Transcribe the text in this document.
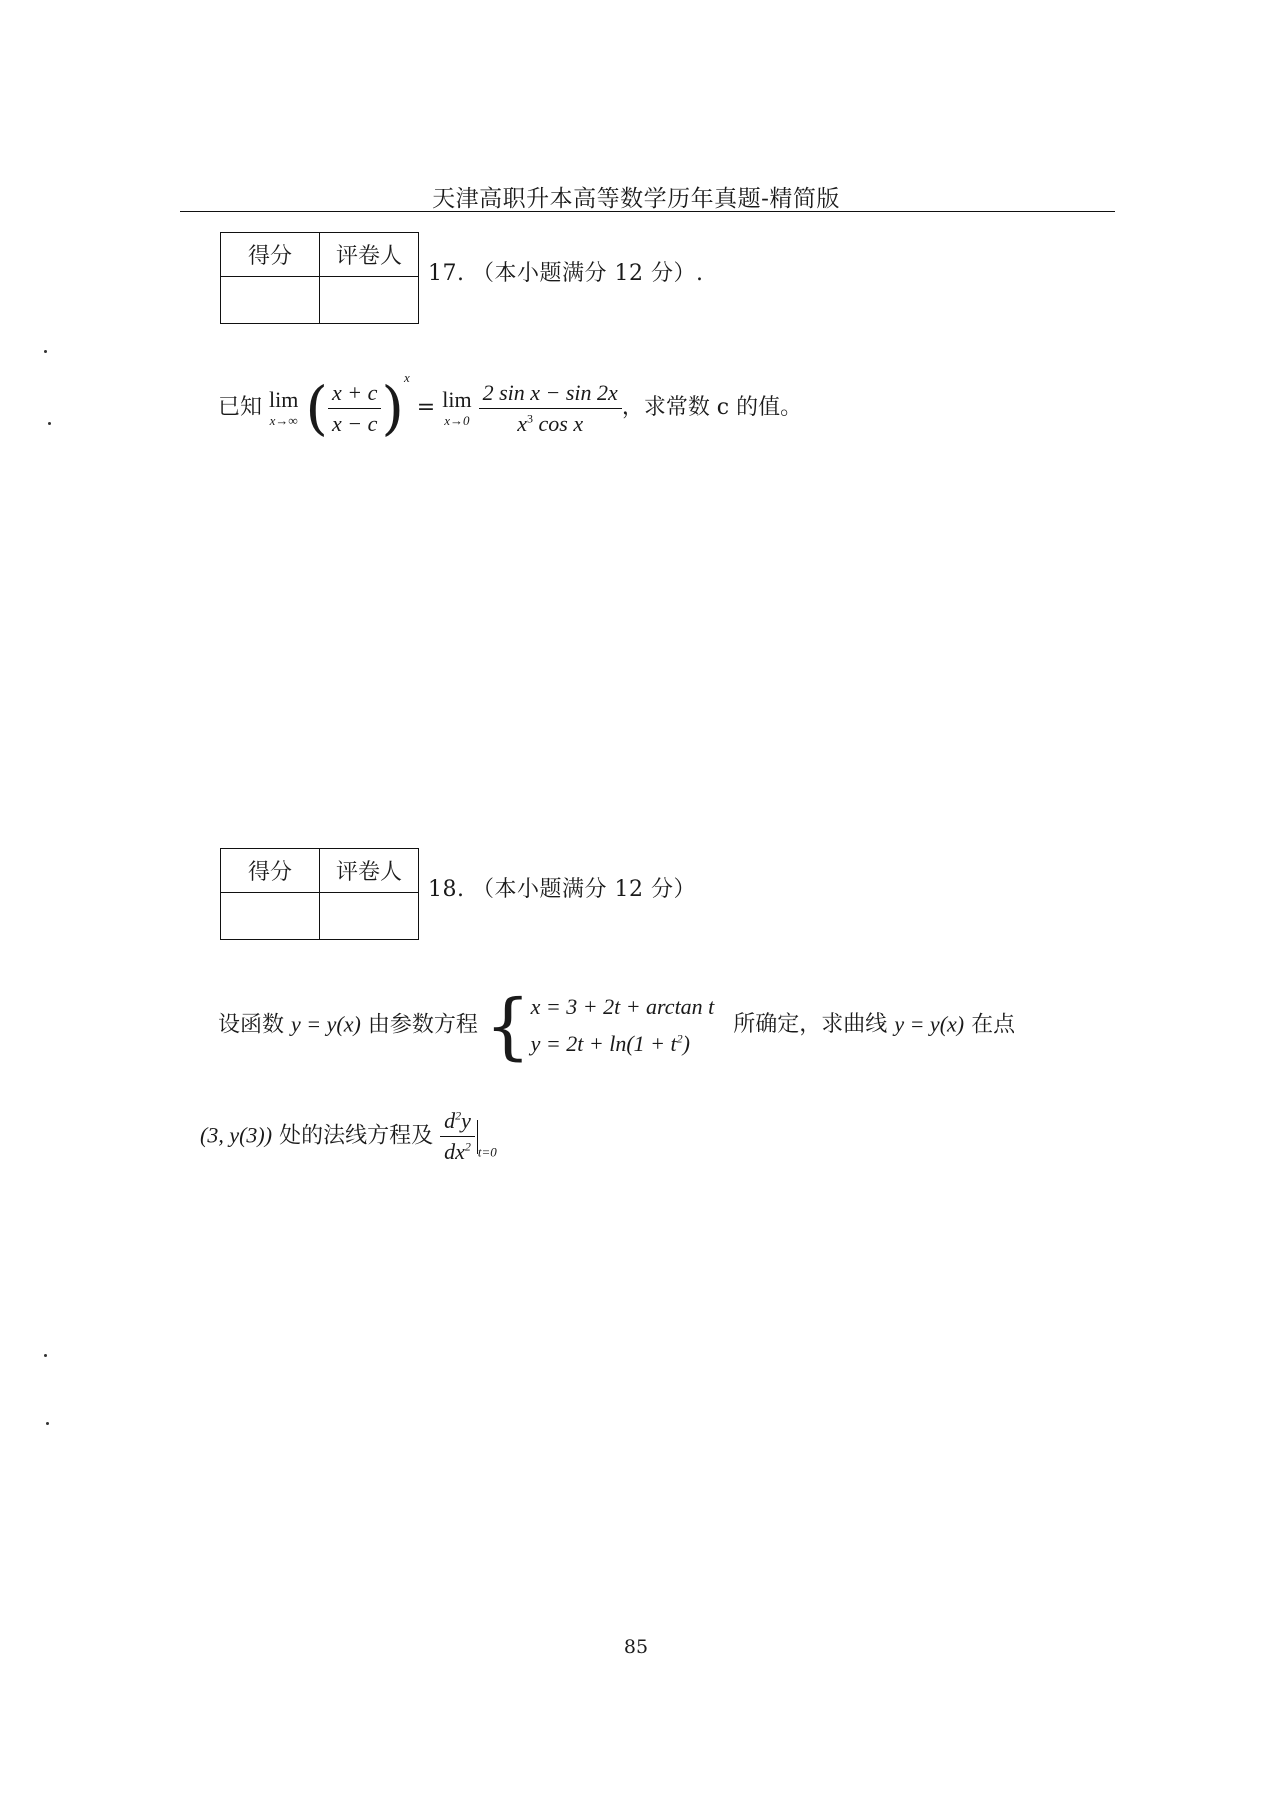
天津高职升本高等数学历年真题-精简版
得分	评卷人

17. （本小题满分 12 分）.
已知 lim
x→∞ ( $\frac{x + c}{x - c} )^x = \lim$
x→0
$\frac{\text{2 sin x − sin 2x}}{x^3 \cos x}$ ，求常数 c 的值。
得分	评卷人

18. （本小题满分 12 分）
设函数 y = y(x) 由参数方程 { x = 3 + 2t + arctan t
$y = 2t + \ln(1 + t^2)$
所确定，求曲线 y = y(x) 在点
(3, y(3)) 处的法线方程及 $\frac{d^2y}{dx^2} _{t=0}$
85
